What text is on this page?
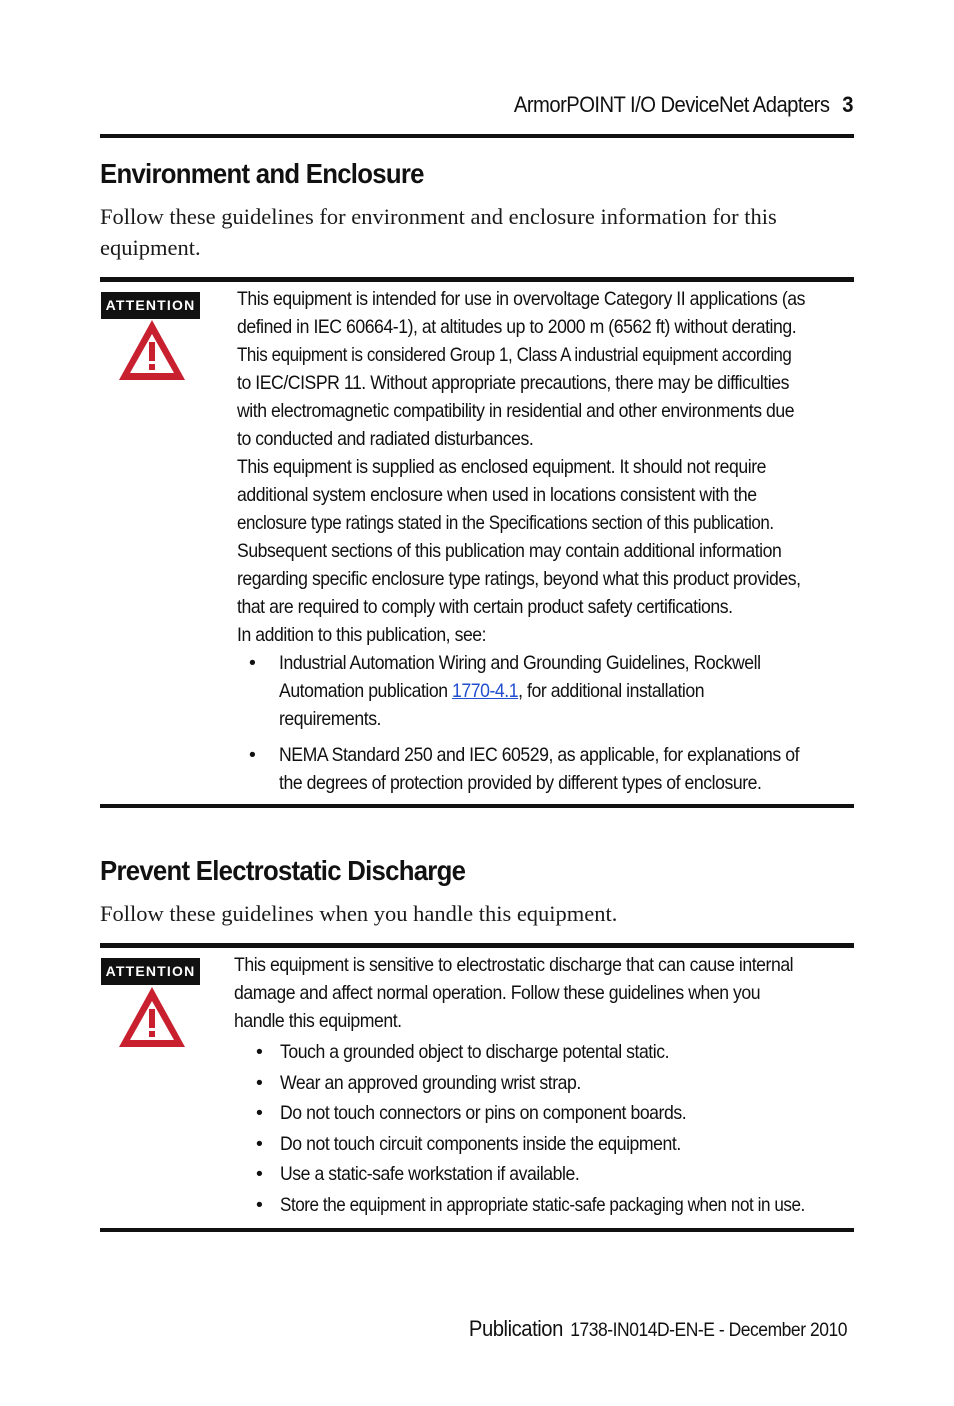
ArmorPOINT I/O DeviceNet Adapters 3
Environment and Enclosure

Follow these guidelines for environment and enclosure information for this
equipment.

ATTENTION This equipment is intended for use in overvoltage Category II applications (as

defined in IEC 60664-1), at altitudes up to 2000 m (6562 ft) without derating.

This equipment is considered Group 1, Class A industrial equipment according

to IEC/CISPR 11. Without appropriate precautions, there may be difficulties

with electromagnetic compatibility in residential and other environments due

to conducted and radiated disturbances.

This equipment is supplied as enclosed equipment. It should not require

additional system enclosure when used in locations consistent with the

enclosure type ratings stated in the Specifications section of this publication.

Subsequent sections of this publication may contain additional information

regarding specific enclosure type ratings, beyond what this product provides,

that are required to comply with certain product safety certifications.

In addition to this publication, see:

• Industrial Automation Wiring and Grounding Guidelines, Rockwell
Automation publication 1770-4.1, for additional installation
requirements.
• NEMA Standard 250 and IEC 60529, as applicable, for explanations of
the degrees of protection provided by different types of enclosure.
Prevent Electrostatic Discharge

Follow these guidelines when you handle this equipment.

ATTENTION This equipment is sensitive to electrostatic discharge that can cause internal

damage and affect normal operation. Follow these guidelines when you

handle this equipment.

• Touch a grounded object to discharge potental static.
• Wear an approved grounding wrist strap.
• Do not touch connectors or pins on component boards.
• Do not touch circuit components inside the equipment.
• Use a static-safe workstation if available.
• Store the equipment in appropriate static-safe packaging when not in use.
Publication 1738-IN014D-EN-E - December 2010
